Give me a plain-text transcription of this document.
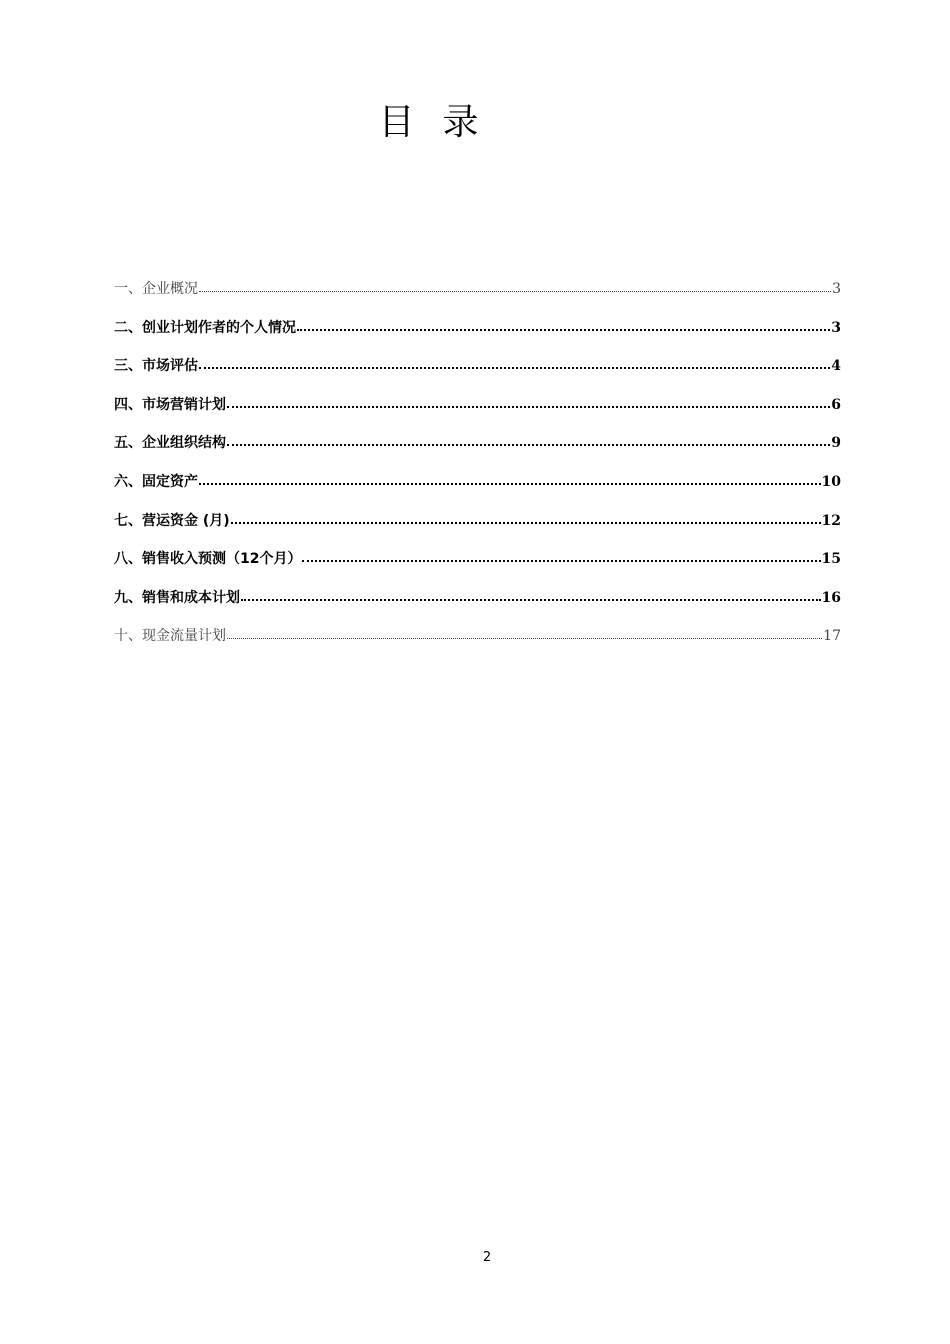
目录
一、企业概况	3
二、创业计划作者的个人情况	3
三、市场评估	4
四、市场营销计划	6
五、企业组织结构	9
六、固定资产	10
七、营运资金 (月)	12
八、销售收入预测（12个月）	15
九、销售和成本计划	16
十、现金流量计划	17
2
